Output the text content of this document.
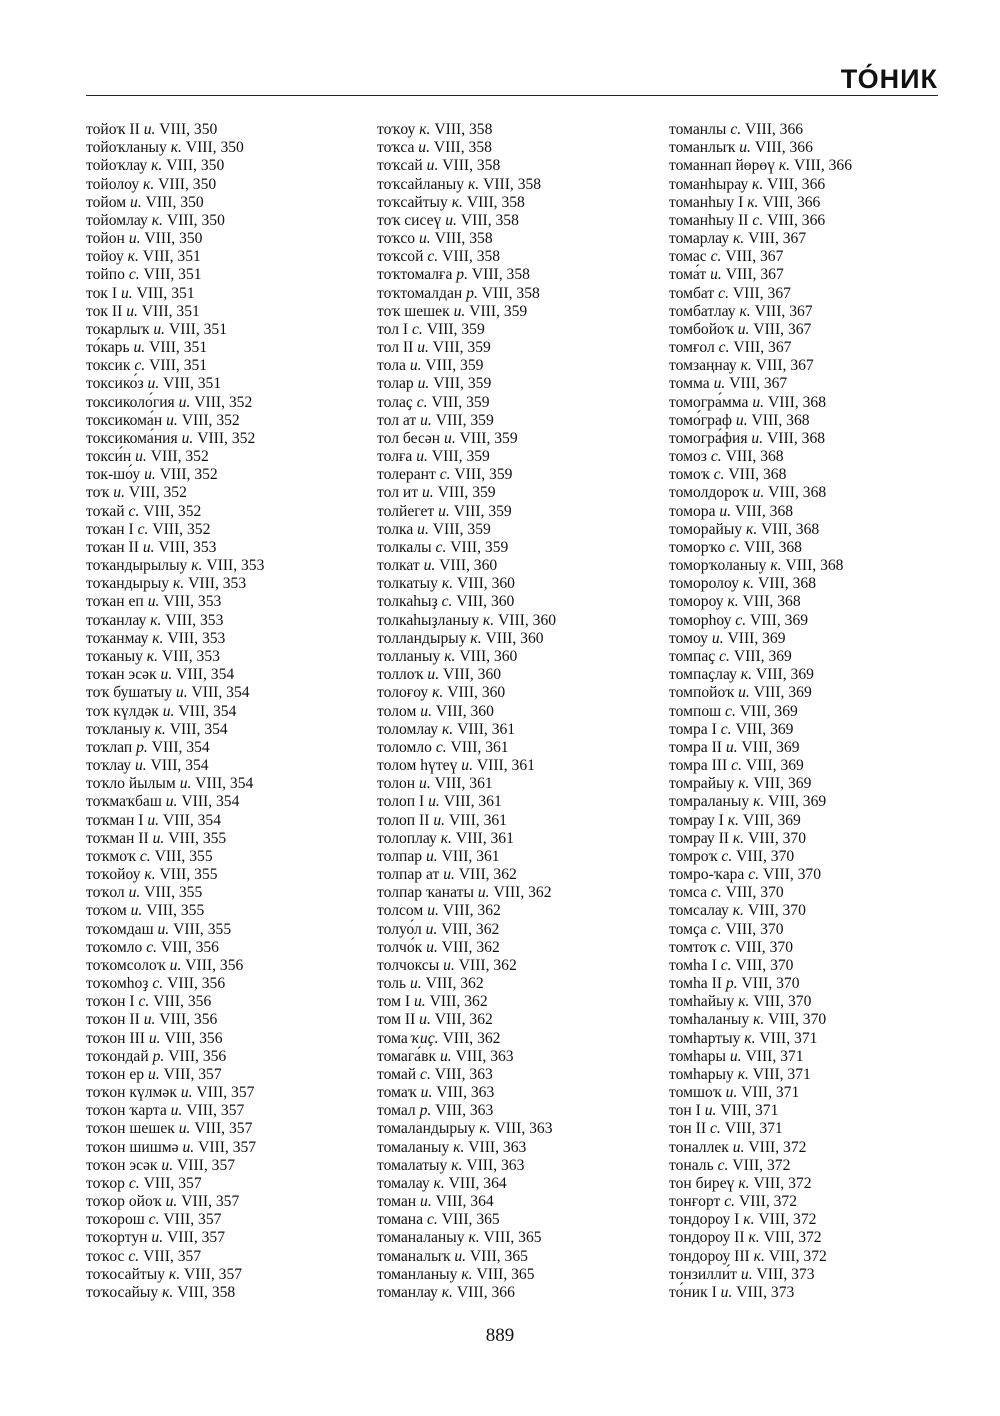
ТО́НИК
тойоҡ II и. VIII, 350
тойоҡланыу к. VIII, 350
тойоҡлау к. VIII, 350
тойолоу к. VIII, 350
тойом и. VIII, 350
тойомлау к. VIII, 350
тойон и. VIII, 350
тойоу к. VIII, 351
тойпо с. VIII, 351
ток I и. VIII, 351
ток II и. VIII, 351
токарлыҡ и. VIII, 351
то́карь и. VIII, 351
токсик с. VIII, 351
токсико́з и. VIII, 351
токсиколо́гия и. VIII, 352
токсикома́н и. VIII, 352
токсикома́ния и. VIII, 352
токси́н и. VIII, 352
ток-шо́у и. VIII, 352
тоҡ и. VIII, 352
тоҡай с. VIII, 352
тоҡан I с. VIII, 352
тоҡан II и. VIII, 353
тоҡандырылыу к. VIII, 353
тоҡандырыу к. VIII, 353
тоҡан еп и. VIII, 353
тоҡанлау к. VIII, 353
тоҡанмау к. VIII, 353
тоҡаныу к. VIII, 353
тоҡан эсәк и. VIII, 354
тоҡ бушатыу и. VIII, 354
тоҡ күлдәк и. VIII, 354
тоҡланыу к. VIII, 354
тоҡлап р. VIII, 354
тоҡлау и. VIII, 354
тоҡло йылым и. VIII, 354
тоҡмаҡбаш и. VIII, 354
тоҡман I и. VIII, 354
тоҡман II и. VIII, 355
тоҡмоҡ с. VIII, 355
тоҡойоу к. VIII, 355
тоҡол и. VIII, 355
тоҡом и. VIII, 355
тоҡомдаш и. VIII, 355
тоҡомло с. VIII, 356
тоҡомсолоҡ и. VIII, 356
тоҡомһоҙ с. VIII, 356
тоҡон I с. VIII, 356
тоҡон II и. VIII, 356
тоҡон III и. VIII, 356
тоҡондай р. VIII, 356
тоҡон ер и. VIII, 357
тоҡон күлмәк и. VIII, 357
тоҡон ҡарта и. VIII, 357
тоҡон шешек и. VIII, 357
тоҡон шишмә и. VIII, 357
тоҡон эсәк и. VIII, 357
тоҡор с. VIII, 357
тоҡор ойоҡ и. VIII, 357
тоҡорош с. VIII, 357
тоҡортун и. VIII, 357
тоҡос с. VIII, 357
тоҡосайтыу к. VIII, 357
тоҡосайыу к. VIII, 358
тоҡоу к. VIII, 358
тоҡса и. VIII, 358
тоҡсай и. VIII, 358
тоҡсайланыу к. VIII, 358
тоҡсайтыу к. VIII, 358
тоҡ сисеү и. VIII, 358
тоҡсо и. VIII, 358
тоҡсой с. VIII, 358
тоҡтомалға р. VIII, 358
тоҡтомалдан р. VIII, 358
тоҡ шешек и. VIII, 359
тол I с. VIII, 359
тол II и. VIII, 359
тола и. VIII, 359
толар и. VIII, 359
толаҫ с. VIII, 359
тол ат и. VIII, 359
тол бесән и. VIII, 359
толға и. VIII, 359
толерант с. VIII, 359
тол ит и. VIII, 359
толйегет и. VIII, 359
толка и. VIII, 359
толкалы с. VIII, 359
толкат и. VIII, 360
толкатыу к. VIII, 360
толкаһыҙ с. VIII, 360
толкаһыҙланыу к. VIII, 360
толландырыу к. VIII, 360
толланыу к. VIII, 360
толлоҡ и. VIII, 360
толоғоу к. VIII, 360
толом и. VIII, 360
толомлау к. VIII, 361
толомло с. VIII, 361
толом һүтеү и. VIII, 361
толон и. VIII, 361
толоп I и. VIII, 361
толоп II и. VIII, 361
толоплау к. VIII, 361
толпар и. VIII, 361
толпар ат и. VIII, 362
толпар ҡанаты и. VIII, 362
толсом и. VIII, 362
толуо́л и. VIII, 362
толчо́к и. VIII, 362
толчоксы и. VIII, 362
толь и. VIII, 362
том I и. VIII, 362
том II и. VIII, 362
тома ҡиҫ. VIII, 362
томага́вк и. VIII, 363
томай с. VIII, 363
томаҡ и. VIII, 363
томал р. VIII, 363
томаландырыу к. VIII, 363
томаланыу к. VIII, 363
томалатыу к. VIII, 363
томалау к. VIII, 364
томан и. VIII, 364
томана с. VIII, 365
томаналаныу к. VIII, 365
томаналыҡ и. VIII, 365
томанланыу к. VIII, 365
томанлау к. VIII, 366
томанлы с. VIII, 366
томанлыҡ и. VIII, 366
томаннап йөрөү к. VIII, 366
томанһырау к. VIII, 366
томанһыу I к. VIII, 366
томанһыу II с. VIII, 366
томарлау к. VIII, 367
томас с. VIII, 367
тома́т и. VIII, 367
томбат с. VIII, 367
томбатлау к. VIII, 367
томбойоҡ и. VIII, 367
томғол с. VIII, 367
томзаңнау к. VIII, 367
томма и. VIII, 367
томогра́мма и. VIII, 368
томо́граф и. VIII, 368
томогра́фия и. VIII, 368
томоз с. VIII, 368
томоҡ с. VIII, 368
томолдороҡ и. VIII, 368
томора и. VIII, 368
томорайыу к. VIII, 368
томорҡо с. VIII, 368
томорҡоланыу к. VIII, 368
томоролоу к. VIII, 368
томороу к. VIII, 368
томорһоу с. VIII, 369
томоу и. VIII, 369
томпаҫ с. VIII, 369
томпаҫлау к. VIII, 369
томпойоҡ и. VIII, 369
томпош с. VIII, 369
томра I с. VIII, 369
томра II и. VIII, 369
томра III с. VIII, 369
томрайыу к. VIII, 369
томраланыу к. VIII, 369
томрау I к. VIII, 369
томрау II к. VIII, 370
томроҡ с. VIII, 370
томро-ҡара с. VIII, 370
томса с. VIII, 370
томсалау к. VIII, 370
томҫа с. VIII, 370
томтоҡ с. VIII, 370
томһа I с. VIII, 370
томһа II р. VIII, 370
томһайыу к. VIII, 370
томһаланыу к. VIII, 370
томһартыу к. VIII, 371
томһары и. VIII, 371
томһарыу к. VIII, 371
томшоҡ и. VIII, 371
тон I и. VIII, 371
тон II с. VIII, 371
тоналлек и. VIII, 372
тональ с. VIII, 372
тон биреү к. VIII, 372
тонғорт с. VIII, 372
тондороу I к. VIII, 372
тондороу II к. VIII, 372
тондороу III к. VIII, 372
тонзилли́т и. VIII, 373
то́ник I и. VIII, 373
889
